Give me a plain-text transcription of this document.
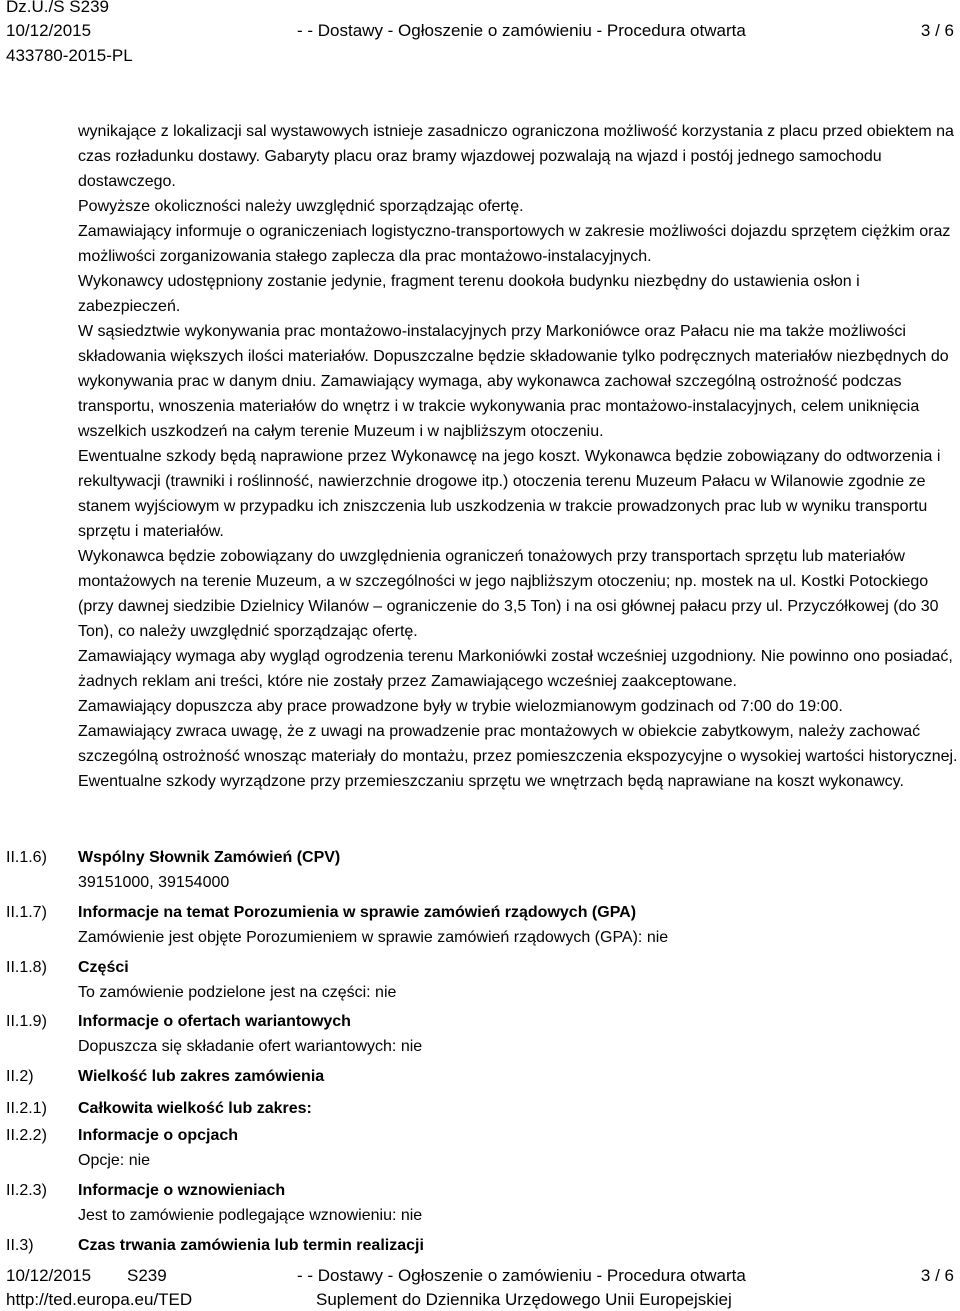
Dz.U./S S239
10/12/2015	- - Dostawy - Ogłoszenie o zamówieniu - Procedura otwarta	3 / 6
433780-2015-PL

wynikające z lokalizacji sal wystawowych istnieje zasadniczo ograniczona możliwość korzystania z placu przed obiektem na czas rozładunku dostawy. Gabaryty placu oraz bramy wjazdowej pozwalają na wjazd i postój jednego samochodu dostawczego.

Powyższe okoliczności należy uwzględnić sporządzając ofertę.

Zamawiający informuje o ograniczeniach logistyczno-transportowych w zakresie możliwości dojazdu sprzętem ciężkim oraz możliwości zorganizowania stałego zaplecza dla prac montażowo-instalacyjnych.

Wykonawcy udostępniony zostanie jedynie, fragment terenu dookoła budynku niezbędny do ustawienia osłon i zabezpieczeń.

W sąsiedztwie wykonywania prac montażowo-instalacyjnych przy Markoniówce oraz Pałacu nie ma także możliwości składowania większych ilości materiałów. Dopuszczalne będzie składowanie tylko podręcznych materiałów niezbędnych do wykonywania prac w danym dniu. Zamawiający wymaga, aby wykonawca zachował szczególną ostrożność podczas transportu, wnoszenia materiałów do wnętrz i w trakcie wykonywania prac montażowo-instalacyjnych, celem uniknięcia wszelkich uszkodzeń na całym terenie Muzeum i w najbliższym otoczeniu.

Ewentualne szkody będą naprawione przez Wykonawcę na jego koszt. Wykonawca będzie zobowiązany do odtworzenia i rekultywacji (trawniki i roślinność, nawierzchnie drogowe itp.) otoczenia terenu Muzeum Pałacu w Wilanowie zgodnie ze stanem wyjściowym w przypadku ich zniszczenia lub uszkodzenia w trakcie prowadzonych prac lub w wyniku transportu sprzętu i materiałów.

Wykonawca będzie zobowiązany do uwzględnienia ograniczeń tonażowych przy transportach sprzętu lub materiałów montażowych na terenie Muzeum, a w szczególności w jego najbliższym otoczeniu; np. mostek na ul. Kostki Potockiego (przy dawnej siedzibie Dzielnicy Wilanów – ograniczenie do 3,5 Ton) i na osi głównej pałacu przy ul. Przyczółkowej (do 30 Ton), co należy uwzględnić sporządzając ofertę.

Zamawiający wymaga aby wygląd ogrodzenia terenu Markoniówki został wcześniej uzgodniony. Nie powinno ono posiadać, żadnych reklam ani treści, które nie zostały przez Zamawiającego wcześniej zaakceptowane.

Zamawiający dopuszcza aby prace prowadzone były w trybie wielozmianowym godzinach od 7:00 do 19:00.

Zamawiający zwraca uwagę, że z uwagi na prowadzenie prac montażowych w obiekcie zabytkowym, należy zachować szczególną ostrożność wnosząc materiały do montażu, przez pomieszczenia ekspozycyjne o wysokiej wartości historycznej. Ewentualne szkody wyrządzone przy przemieszczaniu sprzętu we wnętrzach będą naprawiane na koszt wykonawcy.

II.1.6) Wspólny Słownik Zamówień (CPV)
39151000, 39154000
II.1.7) Informacje na temat Porozumienia w sprawie zamówień rządowych (GPA)
Zamówienie jest objęte Porozumieniem w sprawie zamówień rządowych (GPA): nie
II.1.8) Części
To zamówienie podzielone jest na części: nie
II.1.9) Informacje o ofertach wariantowych
Dopuszcza się składanie ofert wariantowych: nie
II.2)	Wielkość lub zakres zamówienia
II.2.1) Całkowita wielkość lub zakres:
II.2.2) Informacje o opcjach
Opcje: nie
II.2.3) Informacje o wznowieniach
Jest to zamówienie podlegające wznowieniu: nie
II.3)	Czas trwania zamówienia lub termin realizacji
10/12/2015 S239	- - Dostawy - Ogłoszenie o zamówieniu - Procedura otwarta	3 / 6
http://ted.europa.eu/TED	Suplement do Dziennika Urzędowego Unii Europejskiej
